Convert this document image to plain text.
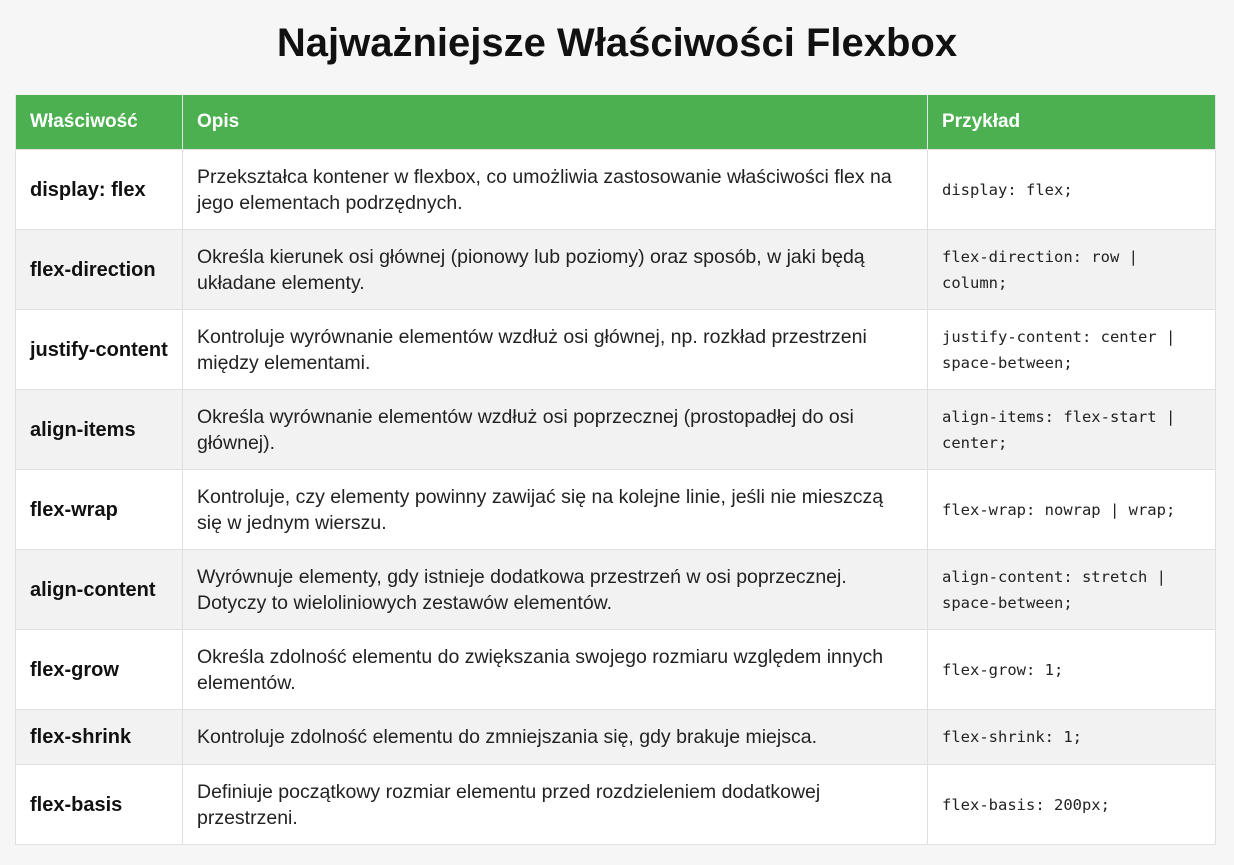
Najważniejsze Właściwości Flexbox
Właściwość	Opis	Przykład
display: flex	Przekształca kontener w flexbox, co umożliwia zastosowanie właściwości flex na jego elementach podrzędnych.	display: flex;
flex-direction	Określa kierunek osi głównej (pionowy lub poziomy) oraz sposób, w jaki będą układane elementy.	flex-direction: row | column;
justify-content	Kontroluje wyrównanie elementów wzdłuż osi głównej, np. rozkład przestrzeni między elementami.	justify-content: center | space-between;
align-items	Określa wyrównanie elementów wzdłuż osi poprzecznej (prostopadłej do osi głównej).	align-items: flex-start | center;
flex-wrap	Kontroluje, czy elementy powinny zawijać się na kolejne linie, jeśli nie mieszczą się w jednym wierszu.	flex-wrap: nowrap | wrap;
align-content	Wyrównuje elementy, gdy istnieje dodatkowa przestrzeń w osi poprzecznej. Dotyczy to wieloliniowych zestawów elementów.	align-content: stretch | space-between;
flex-grow	Określa zdolność elementu do zwiększania swojego rozmiaru względem innych elementów.	flex-grow: 1;
flex-shrink	Kontroluje zdolność elementu do zmniejszania się, gdy brakuje miejsca.	flex-shrink: 1;
flex-basis	Definiuje początkowy rozmiar elementu przed rozdzieleniem dodatkowej przestrzeni.	flex-basis: 200px;
